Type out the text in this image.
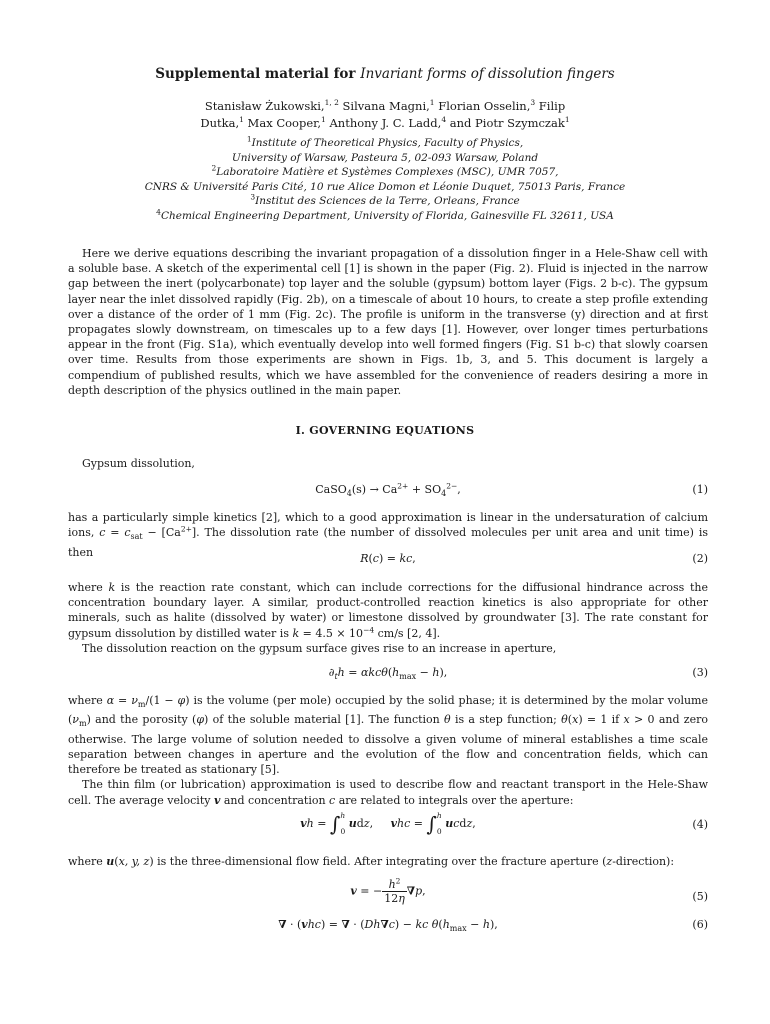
Supplemental material for Invariant forms of dissolution fingers
Stanisław Żukowski,$^{1, 2}$ Silvana Magni,$^1$ Florian Osselin,$^3$ Filip
Dutka,$^1$ Max Cooper,$^1$ Anthony J. C. Ladd,$^4$ and Piotr Szymczak$^1$
$^1$Institute of Theoretical Physics, Faculty of Physics,
University of Warsaw, Pasteura 5, 02-093 Warsaw, Poland
$^2$Laboratoire Matière et Systèmes Complexes (MSC), UMR 7057,
CNRS & Université Paris Cité, 10 rue Alice Domon et Léonie Duquet, 75013 Paris, France
$^3$Institut des Sciences de la Terre, Orleans, France
$^4$Chemical Engineering Department, University of Florida, Gainesville FL 32611, USA
Here we derive equations describing the invariant propagation of a dissolution finger in a Hele-Shaw cell with a soluble base. A sketch of the experimental cell [1] is shown in the paper (Fig. 2). Fluid is injected in the narrow gap between the inert (polycarbonate) top layer and the soluble (gypsum) bottom layer (Figs. 2 b-c). The gypsum layer near the inlet dissolved rapidly (Fig. 2b), on a timescale of about 10 hours, to create a step profile extending over a distance of the order of 1 mm (Fig. 2c). The profile is uniform in the transverse (y) direction and at first propagates slowly downstream, on timescales up to a few days [1]. However, over longer times perturbations appear in the front (Fig. S1a), which eventually develop into well formed fingers (Fig. S1 b-c) that slowly coarsen over time. Results from those experiments are shown in Figs. 1b, 3, and 5. This document is largely a compendium of published results, which we have assembled for the convenience of readers desiring a more in depth description of the physics outlined in the main paper.
I. GOVERNING EQUATIONS
Gypsum dissolution,
CaSO$_4$(s) → $Ca^{2+} + SO_4^{2-}$,	(1)
has a particularly simple kinetics [2], which to a good approximation is linear in the undersaturation of calcium ions, $c = c_{sat} - [Ca^{2+}]$. The dissolution rate (the number of dissolved molecules per unit area and unit time) is then	R(c) = kc,	(2)
where k is the reaction rate constant, which can include corrections for the diffusional hindrance across the concentration boundary layer. A similar, product-controlled reaction kinetics is also appropriate for other minerals, such as halite (dissolved by water) or limestone dissolved by groundwater [3]. The rate constant for gypsum dissolution by distilled water is $k = 4.5 \times 10^{-4}$ cm/s [2, 4].
The dissolution reaction on the gypsum surface gives rise to an increase in aperture,
$\partial_th = \alpha kc\theta(h_{max} - h)$,	(3)
where $\alpha = \nu_m/(1 - \varphi)$ is the volume (per mole) occupied by the solid phase; it is determined by the molar volume $(\nu_m)$ and the porosity (φ) of the soluble material [1]. The function θ is a step function; θ(x) = 1 if x > 0 and zero otherwise. The large volume of solution needed to dissolve a given volume of mineral establishes a time scale separation between changes in aperture and the evolution of the flow and concentration fields, which can therefore be treated as stationary [5].
The thin film (or lubrication) approximation is used to describe flow and reactant transport in the Hele-Shaw cell. The average velocity v and concentration c are related to integrals over the aperture:
vh = ∫h
0 udz,     vhc = ∫h
0 ucdz,	(4)
where u(x, y, z) is the three-dimensional flow field. After integrating over the fracture aperture (z-direction):
v = − $\frac{h^2}{12\eta} \nabla p$,	(5)
∇ · (vhc) = ∇ · (Dh∇c) − kc $\theta(h_{max} - h)$,	(6)
